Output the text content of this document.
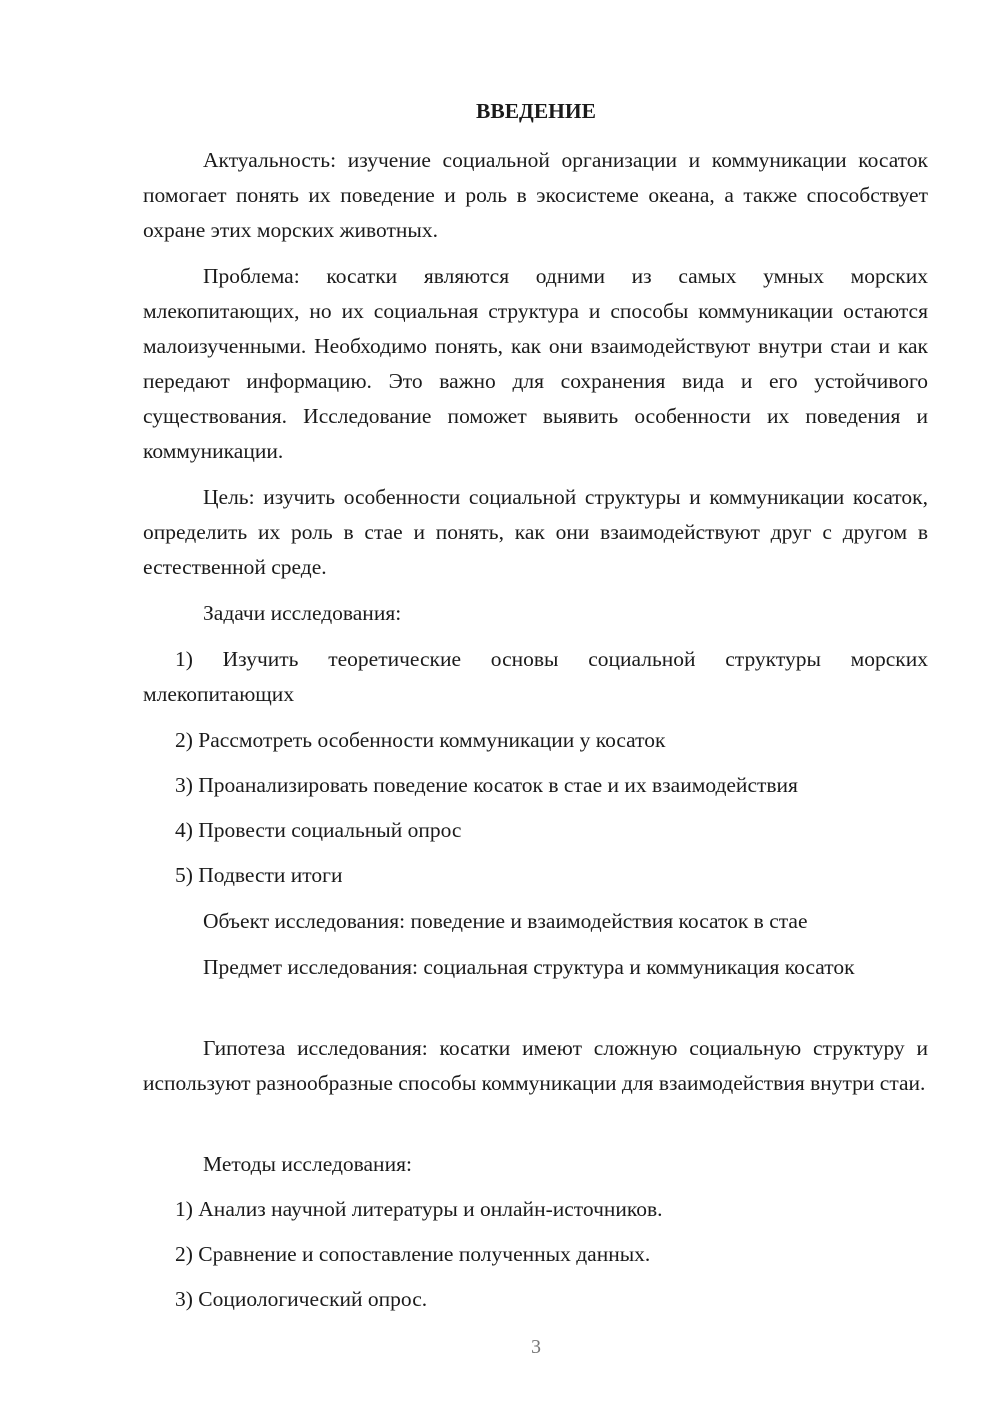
ВВЕДЕНИЕ

Актуальность: изучение социальной организации и коммуникации косаток помогает понять их поведение и роль в экосистеме океана, а также способствует охране этих морских животных.

Проблема: косатки являются одними из самых умных морских млекопитающих, но их социальная структура и способы коммуникации остаются малоизученными. Необходимо понять, как они взаимодействуют внутри стаи и как передают информацию. Это важно для сохранения вида и его устойчивого существования. Исследование поможет выявить особенности их поведения и коммуникации.

Цель: изучить особенности социальной структуры и коммуникации косаток, определить их роль в стае и понять, как они взаимодействуют друг с другом в естественной среде.

Задачи исследования:

1) Изучить теоретические основы социальной структуры морских млекопитающих

2) Рассмотреть особенности коммуникации у косаток

3) Проанализировать поведение косаток в стае и их взаимодействия

4) Провести социальный опрос

5) Подвести итоги

Объект исследования: поведение и взаимодействия косаток в стае

Предмет исследования: социальная структура и коммуникация косаток

Гипотеза исследования: косатки имеют сложную социальную структуру и используют разнообразные способы коммуникации для взаимодействия внутри стаи.

Методы исследования:

1) Анализ научной литературы и онлайн-источников.

2) Сравнение и сопоставление полученных данных.

3) Социологический опрос.

3
